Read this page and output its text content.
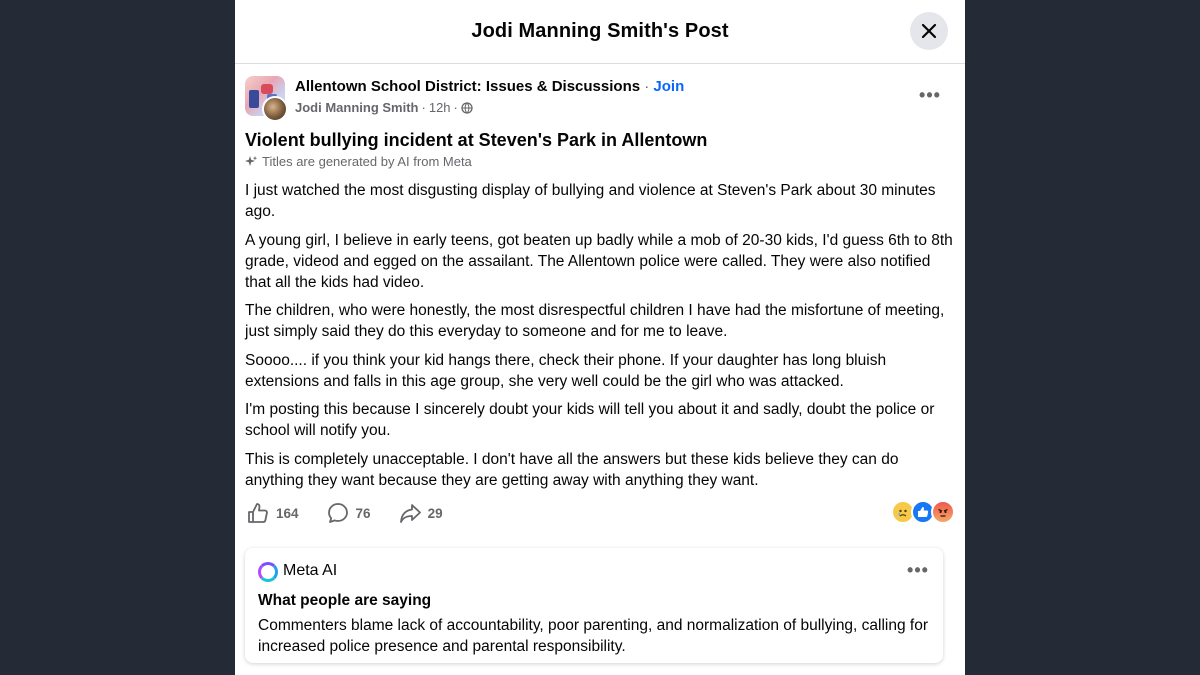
Jodi Manning Smith's Post
Allentown School District: Issues & Discussions · Join
Jodi Manning Smith · 12h ·
•••
Violent bullying incident at Steven's Park in Allentown
Titles are generated by AI from Meta

I just watched the most disgusting display of bullying and violence at Steven's Park about 30 minutes ago.

A young girl, I believe in early teens, got beaten up badly while a mob of 20-30 kids, I'd guess 6th to 8th grade, videod and egged on the assailant. The Allentown police were called. They were also notified that all the kids had video.

The children, who were honestly, the most disrespectful children I have had the misfortune of meeting, just simply said they do this everyday to someone and for me to leave.

Soooo.... if you think your kid hangs there, check their phone. If your daughter has long bluish extensions and falls in this age group, she very well could be the girl who was attacked.

I'm posting this because I sincerely doubt your kids will tell you about it and sadly, doubt the police or school will notify you.

This is completely unacceptable. I don't have all the answers but these kids believe they can do anything they want because they are getting away with anything they want.

164	76	29
Meta AI	•••
What people are saying
Commenters blame lack of accountability, poor parenting, and normalization of bullying, calling for increased police presence and parental responsibility.
